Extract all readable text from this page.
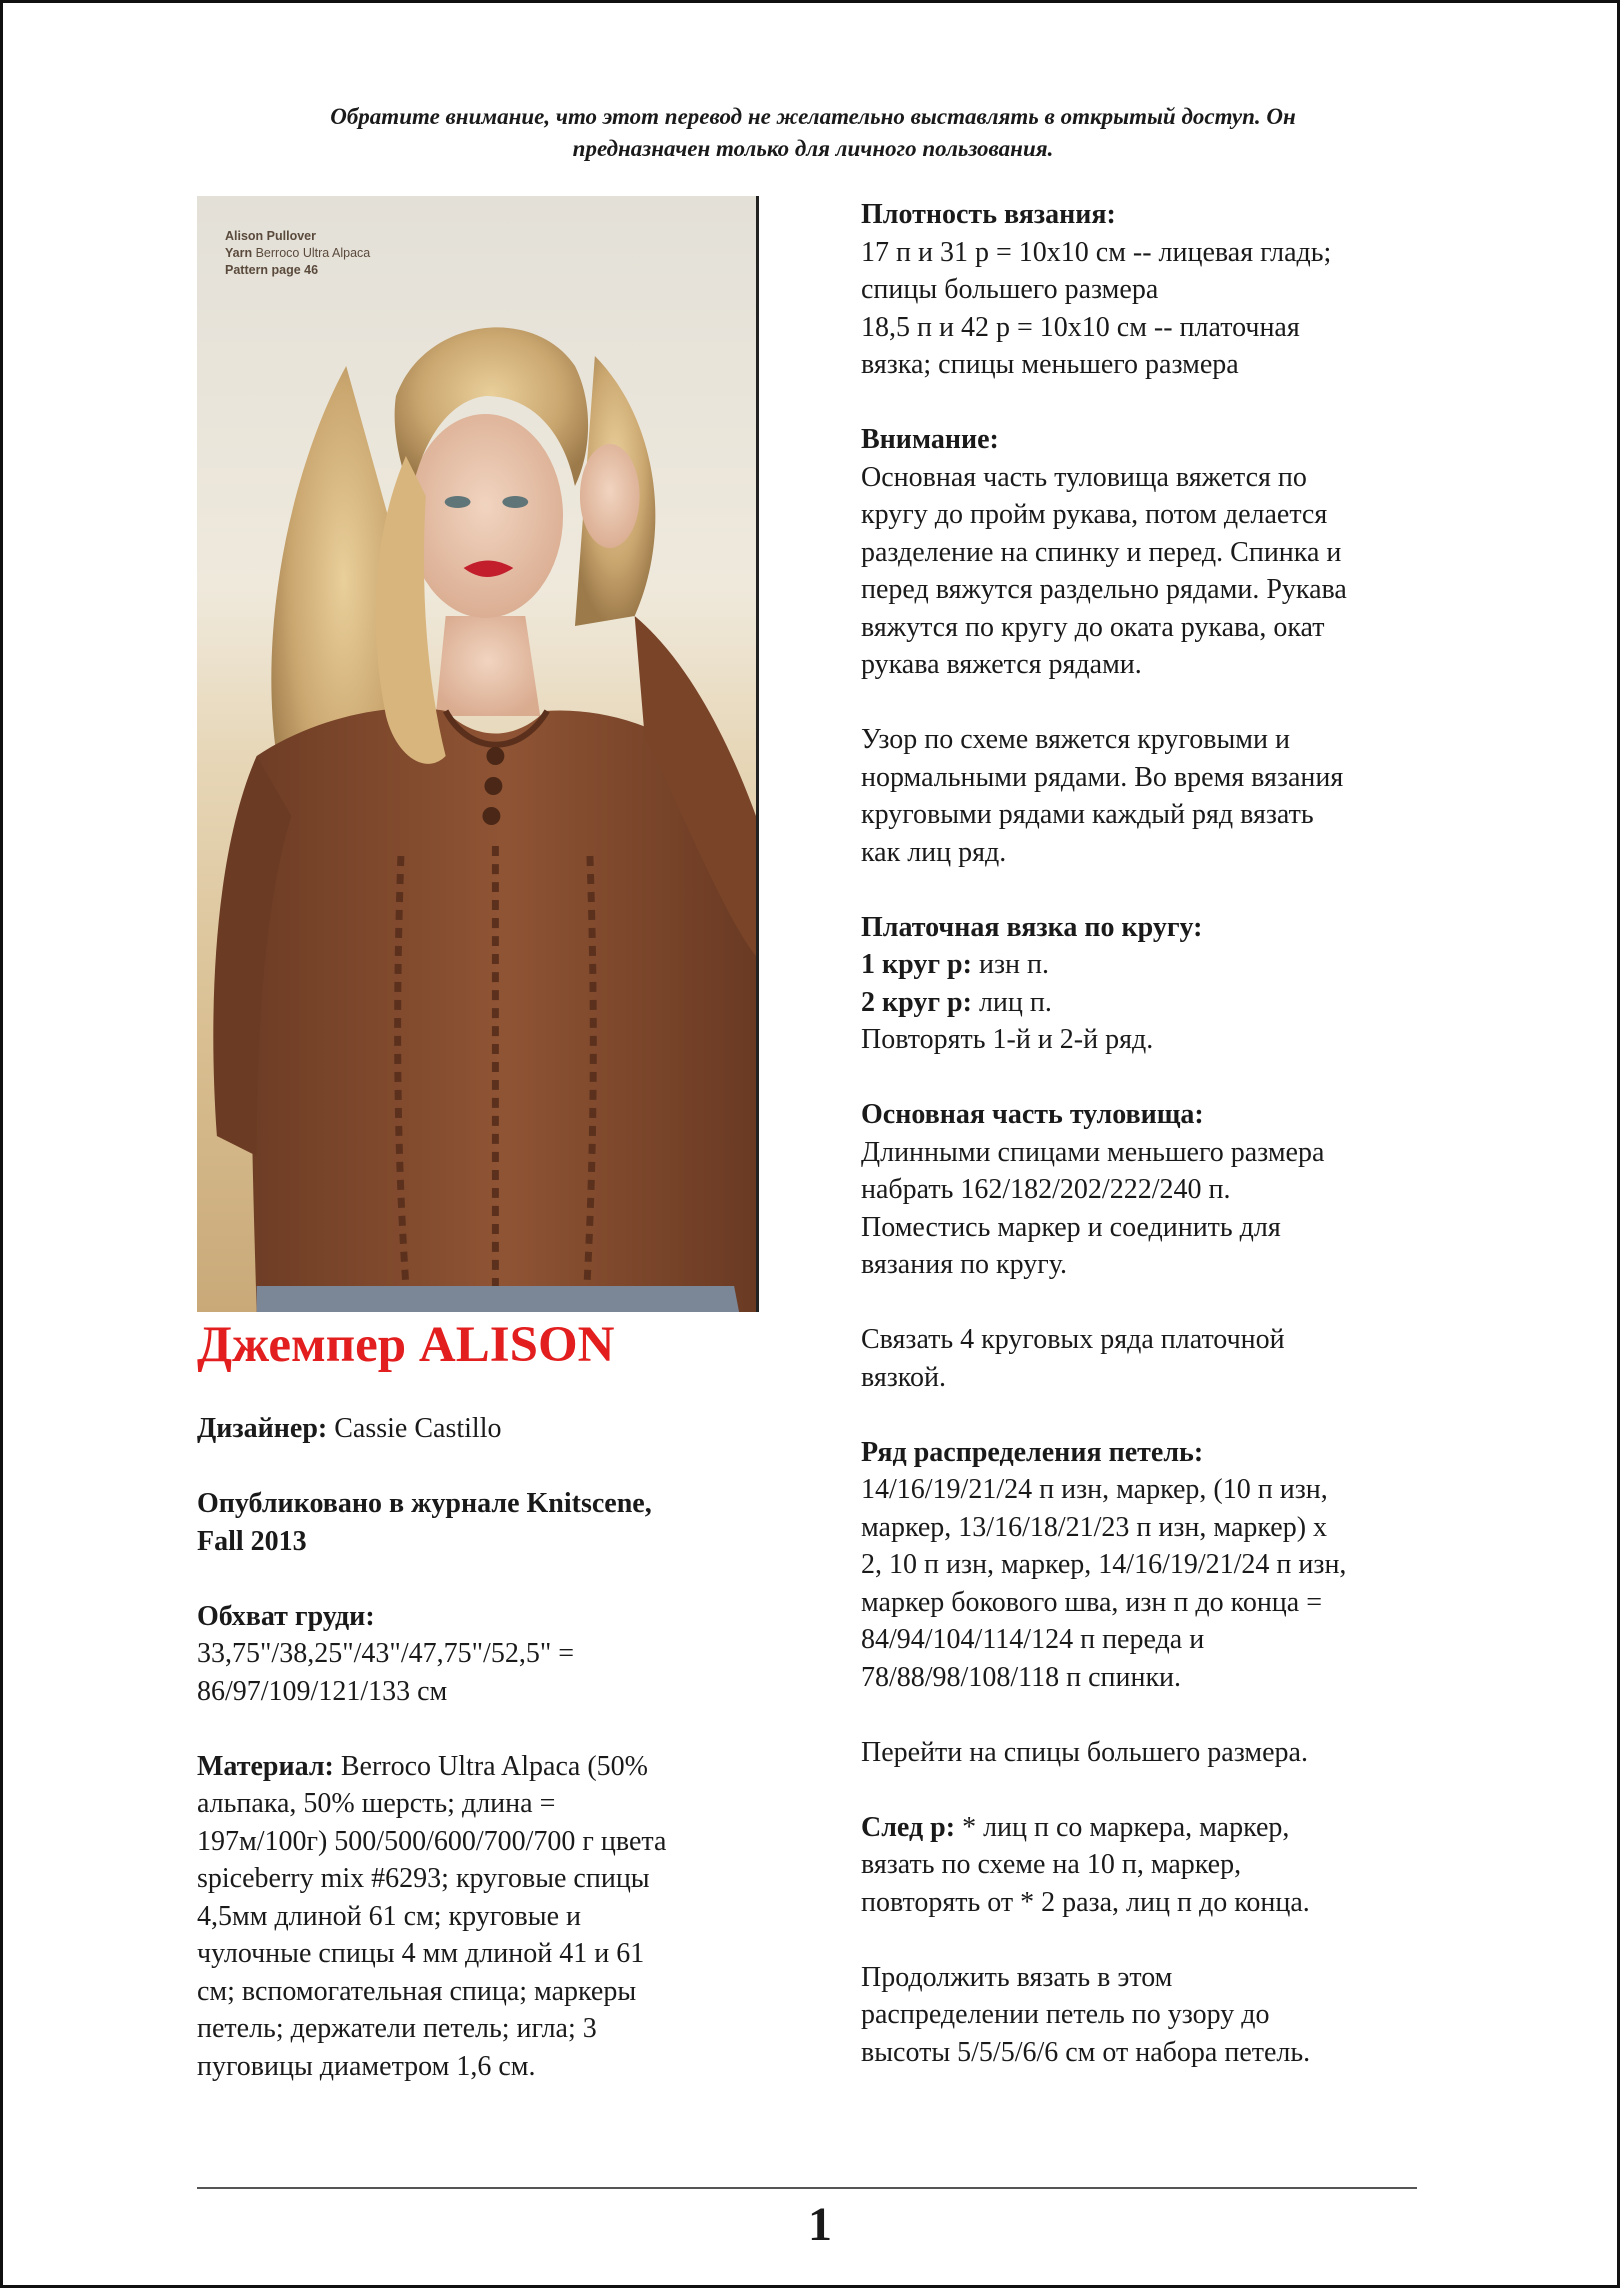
Обратите внимание, что этот перевод не желательно выставлять в открытый доступ. Он
предназначен только для личного пользования.
Alison Pullover
Yarn Berroco Ultra Alpaca
Pattern page 46
Джемпер ALISON
Дизайнер: Cassie Castillo
Опубликовано в журнале Knitscene,
Fall 2013
Обхват груди:
33,75"/38,25"/43"/47,75"/52,5" =
86/97/109/121/133 см
Материал: Berroco Ultra Alpaca (50%
альпака, 50% шерсть; длина =
197м/100г) 500/500/600/700/700 г цвета
spiceberry mix #6293; круговые спицы
4,5мм длиной 61 см; круговые и
чулочные спицы 4 мм длиной 41 и 61
см; вспомогательная спица; маркеры
петель; держатели петель; игла; 3
пуговицы диаметром 1,6 см.
Плотность вязания:
17 п и 31 р = 10х10 см -- лицевая гладь;
спицы большего размера
18,5 п и 42 р = 10х10 см -- платочная
вязка; спицы меньшего размера
Внимание:
Основная часть туловища вяжется по
кругу до пройм рукава, потом делается
разделение на спинку и перед. Спинка и
перед вяжутся раздельно рядами. Рукава
вяжутся по кругу до оката рукава, окат
рукава вяжется рядами.
Узор по схеме вяжется круговыми и
нормальными рядами. Во время вязания
круговыми рядами каждый ряд вязать
как лиц ряд.
Платочная вязка по кругу:
1 круг р: изн п.
2 круг р: лиц п.
Повторять 1-й и 2-й ряд.
Основная часть туловища:
Длинными спицами меньшего размера
набрать 162/182/202/222/240 п.
Поместись маркер и соединить для
вязания по кругу.
Связать 4 круговых ряда платочной
вязкой.
Ряд распределения петель:
14/16/19/21/24 п изн, маркер, (10 п изн,
маркер, 13/16/18/21/23 п изн, маркер) х
2, 10 п изн, маркер, 14/16/19/21/24 п изн,
маркер бокового шва, изн п до конца =
84/94/104/114/124 п переда и
78/88/98/108/118 п спинки.
Перейти на спицы большего размера.
След р: * лиц п со маркера, маркер,
вязать по схеме на 10 п, маркер,
повторять от * 2 раза, лиц п до конца.
Продолжить вязать в этом
распределении петель по узору до
высоты 5/5/5/6/6 см от набора петель.
1
